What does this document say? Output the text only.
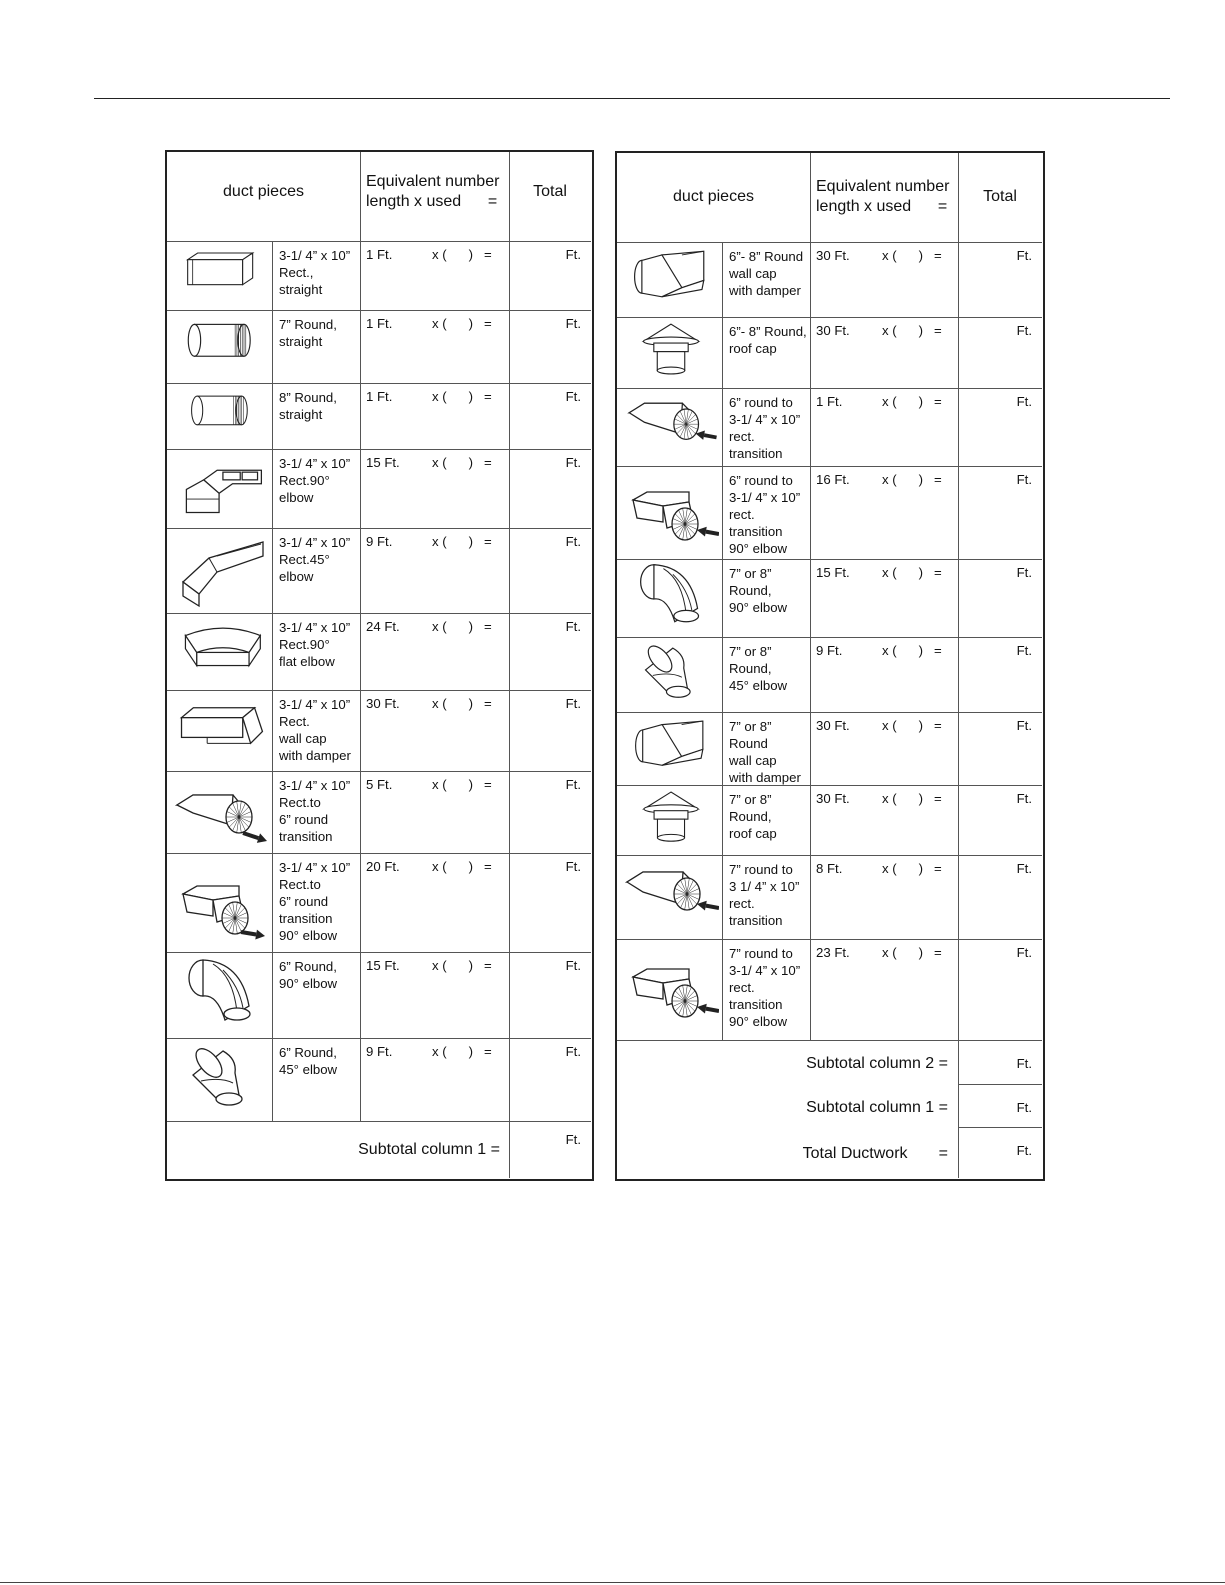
duct pieces
Equivalent number
length x used      =
Total
3-1/ 4” x 10”
Rect.,
straight
1 Ft.	x (      )   =	Ft.
7” Round,
straight
1 Ft.	x (      )   =	Ft.
8” Round,
straight
1 Ft.	x (      )   =	Ft.
3-1/ 4” x 10”
Rect.90°
elbow
15 Ft. x (      )   =	Ft.
3-1/ 4” x 10”
Rect.45°
elbow
9 Ft.	x (      )   =	Ft.
3-1/ 4” x 10”
Rect.90°
flat elbow
24 Ft. x (      )   =	Ft.
3-1/ 4” x 10”
Rect.
wall cap
with damper
30 Ft. x (      )   =	Ft.
3-1/ 4” x 10”
Rect.to
6” round
transition
5 Ft.	x (      )   =	Ft.
3-1/ 4” x 10”
Rect.to
6” round
transition
90° elbow
20 Ft. x (      )   =	Ft.
6” Round,
90° elbow
15 Ft. x (      )   =	Ft.
6” Round,
45° elbow
9 Ft.	x (      )   =	Ft.
Subtotal column 1 =
Ft.
duct pieces
Equivalent number
length x used      =
Total
6”- 8” Round
wall cap
with damper
30 Ft. x (      )   =	Ft.
6”- 8” Round,
roof cap
30 Ft. x (      )   =	Ft.
6” round to
3-1/ 4” x 10”
rect.
transition
1 Ft.	x (      )   =	Ft.
6” round to
3-1/ 4” x 10”
rect.
transition
90° elbow
16 Ft. x (      )   =	Ft.
7” or 8”
Round,
90° elbow
15 Ft. x (      )   =	Ft.
7” or 8”
Round,
45° elbow
9 Ft.	x (      )   =	Ft.
7” or 8”
Round
wall cap
with damper
30 Ft. x (      )   =	Ft.
7” or 8”
Round,
roof cap
30 Ft. x (      )   =	Ft.
7” round to
3 1/ 4” x 10”
rect.
transition
8 Ft.	x (      )   =	Ft.
7” round to
3-1/ 4” x 10”
rect.
transition
90° elbow
23 Ft. x (      )   =	Ft.
Subtotal column 2 =	Ft.
Subtotal column 1 =	Ft.
Total Ductwork       =	Ft.
